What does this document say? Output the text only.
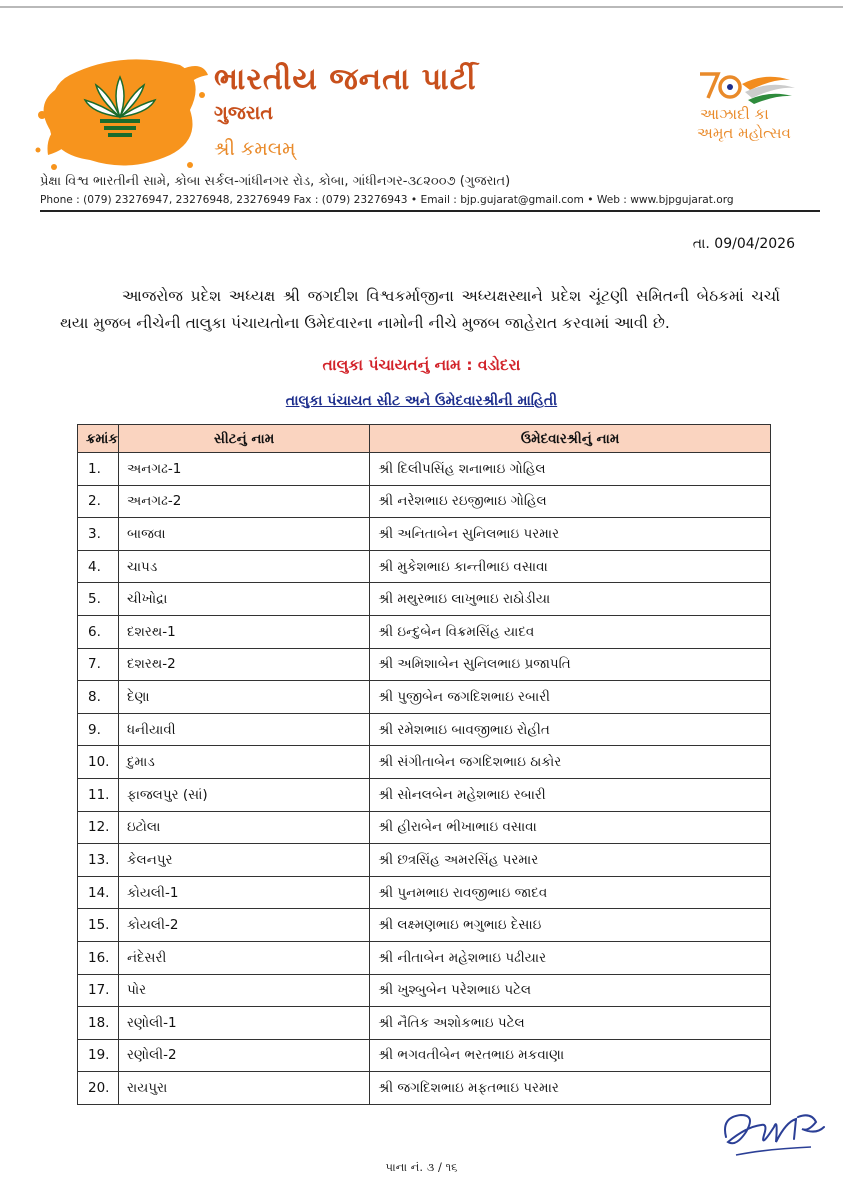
ભારતીય જનતા પાર્ટી
ગુજરાત
શ્રી કમલમ્
આઝાદી કા
અમૃત મહોત્સવ
પ્રેક્ષા વિશ્વ ભારતીની સામે, કોબા સર્કલ-ગાંધીનગર રોડ, કોબા, ગાંધીનગર-૩૮૨૦૦૭ (ગુજરાત)
Phone : (079) 23276947, 23276948, 23276949 Fax : (079) 23276943 • Email : bjp.gujarat@gmail.com • Web : www.bjpgujarat.org
તા. 09/04/2026
આજરોજ પ્રદેશ અધ્યક્ષ શ્રી જગદીશ વિશ્વકર્માજીના અધ્યક્ષસ્થાને પ્રદેશ ચૂંટણી સમિતની બેઠકમાં ચર્ચા થયા મુજબ નીચેની તાલુકા પંચાયતોના ઉમેદવારના નામોની નીચે મુજબ જાહેરાત કરવામાં આવી છે.
તાલુકા પંચાયતનું નામ : વડોદરા
તાલુકા પંચાયત સીટ અને ઉમેદવારશ્રીની માહિતી
ક્રમાંક	સીટનું નામ	ઉમેદવારશ્રીનું નામ
1.	અનગઢ-1	શ્રી દિલીપસિંહ શનાભાઇ ગોહિલ
2.	અનગઢ-2	શ્રી નરેશભાઇ રઇજીભાઇ ગોહિલ
3.	બાજવા	શ્રી અનિતાબેન સુનિલભાઇ પરમાર
4.	ચાપડ	શ્રી મુકેશભાઇ કાન્તીભાઇ વસાવા
5.	ચીખોદ્રા	શ્રી મથુરભાઇ લાખુભાઇ રાઠોડીયા
6.	દશરથ-1	શ્રી ઇન્દુબેન વિક્રમસિંહ યાદવ
7.	દશરથ-2	શ્રી અમિશાબેન સુનિલભાઇ પ્રજાપતિ
8.	દેણા	શ્રી પુજીબેન જગદિશભાઇ રબારી
9.	ધનીયાવી	શ્રી રમેશભાઇ બાવજીભાઇ રોહીત
10.	દુમાડ	શ્રી સંગીતાબેન જગદિશભાઇ ઠાકોર
11.	ફાજલપુર (સાં)	શ્રી સોનલબેન મહેશભાઇ રબારી
12.	ઇટોલા	શ્રી હીરાબેન ભીખાભાઇ વસાવા
13.	કેલનપુર	શ્રી છત્રસિંહ અમરસિંહ પરમાર
14.	કોયલી-1	શ્રી પુનમભાઇ રાવજીભાઇ જાદવ
15.	કોયલી-2	શ્રી લક્ષ્મણભાઇ ભગુભાઇ દેસાઇ
16.	નંદેસરી	શ્રી નીતાબેન મહેશભાઇ પઢીયાર
17.	પોર	શ્રી ખુશ્બુબેન પરેશભાઇ પટેલ
18.	રણોલી-1	શ્રી નૈતિક અશોકભાઇ પટેલ
19.	રણોલી-2	શ્રી ભગવતીબેન ભરતભાઇ મકવાણા
20.	રાયપુરા	શ્રી જગદિશભાઇ મફતભાઇ પરમાર
પાના નં. ૩ / ૧૬
